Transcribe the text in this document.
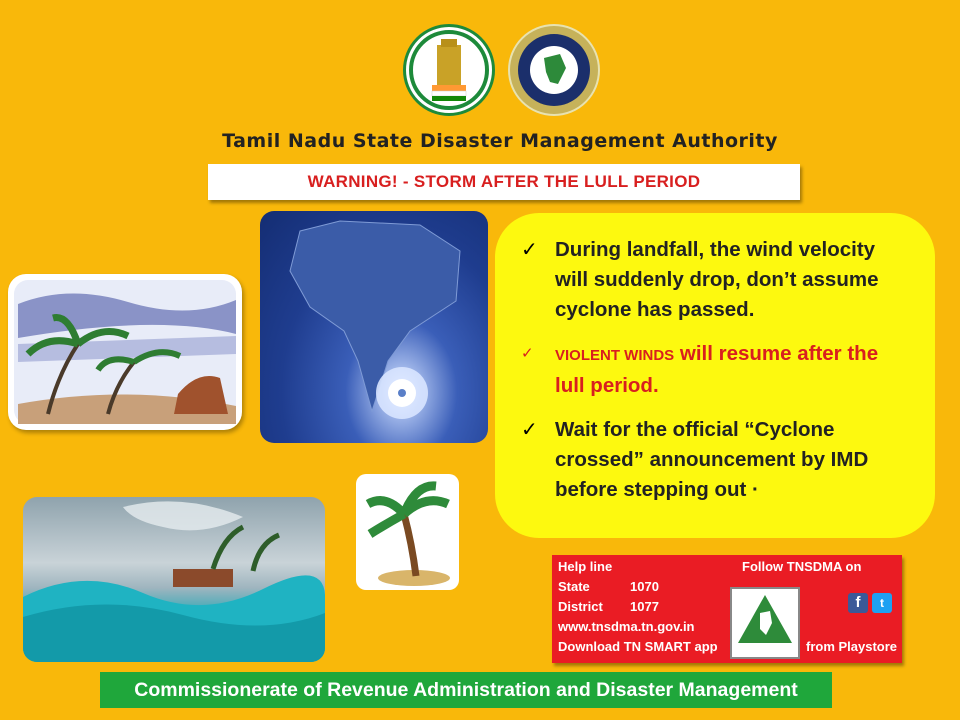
Tamil Nadu State Disaster Management Authority
WARNING! - STORM AFTER THE LULL PERIOD
✓ During landfall, the wind velocity will suddenly drop, don’t assume cyclone has passed.
✓ VIOLENT WINDS will resume after the lull period.
✓ Wait for the official “Cyclone crossed” announcement by IMD before stepping out ·
Help line	Follow TNSDMA on
State	1070
District 1077
www.tnsdma.tn.gov.in
Download TN SMART app	from Playstore
f	t
Commissionerate of Revenue Administration and Disaster Management
